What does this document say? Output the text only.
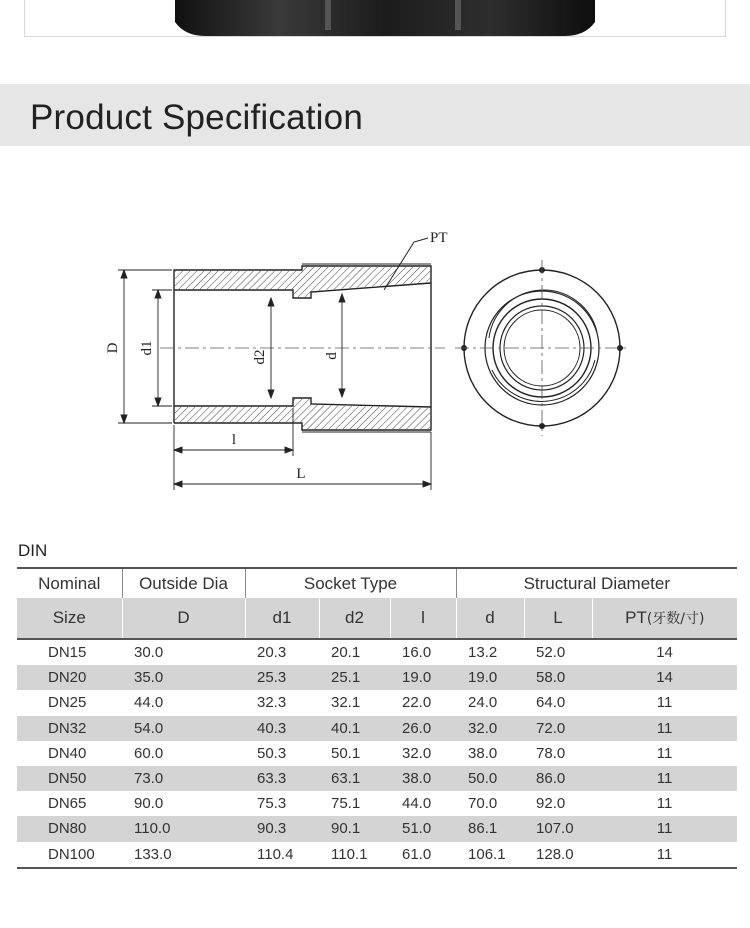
Product Specification
PT
D d1
d2	d
l
L
DIN
Nominal	Outside Dia	Socket Type			Structural Diameter		
Size	D	d1	d2	l	d	L	PT(牙数/寸)
DN15	30.0	20.3	20.1	16.0	13.2	52.0	14
DN20	35.0	25.3	25.1	19.0	19.0	58.0	14
DN25	44.0	32.3	32.1	22.0	24.0	64.0	11
DN32	54.0	40.3	40.1	26.0	32.0	72.0	11
DN40	60.0	50.3	50.1	32.0	38.0	78.0	11
DN50	73.0	63.3	63.1	38.0	50.0	86.0	11
DN65	90.0	75.3	75.1	44.0	70.0	92.0	11
DN80	110.0	90.3	90.1	51.0	86.1	107.0	11
DN100	133.0	110.4	110.1	61.0	106.1	128.0	11
